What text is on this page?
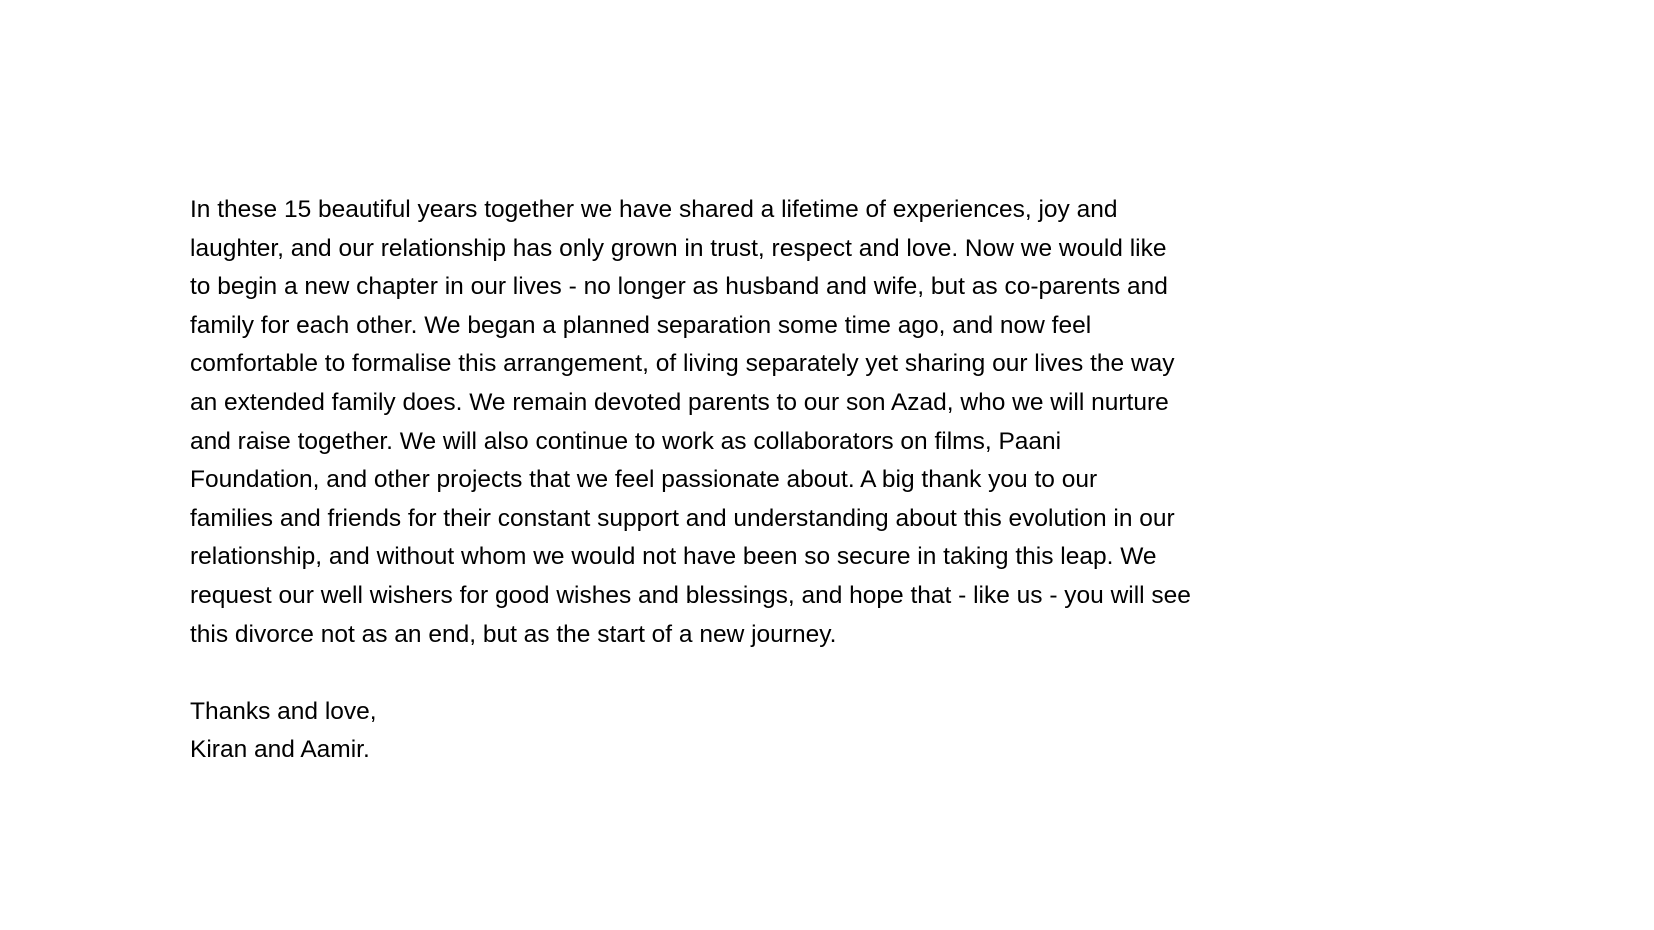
In these 15 beautiful years together we have shared a lifetime of experiences, joy and
laughter, and our relationship has only grown in trust, respect and love. Now we would like
to begin a new chapter in our lives - no longer as husband and wife, but as co-parents and
family for each other. We began a planned separation some time ago, and now feel
comfortable to formalise this arrangement, of living separately yet sharing our lives the way
an extended family does. We remain devoted parents to our son Azad, who we will nurture
and raise together. We will also continue to work as collaborators on films, Paani
Foundation, and other projects that we feel passionate about. A big thank you to our
families and friends for their constant support and understanding about this evolution in our
relationship, and without whom we would not have been so secure in taking this leap. We
request our well wishers for good wishes and blessings, and hope that - like us - you will see
this divorce not as an end, but as the start of a new journey.
Thanks and love,
Kiran and Aamir.
